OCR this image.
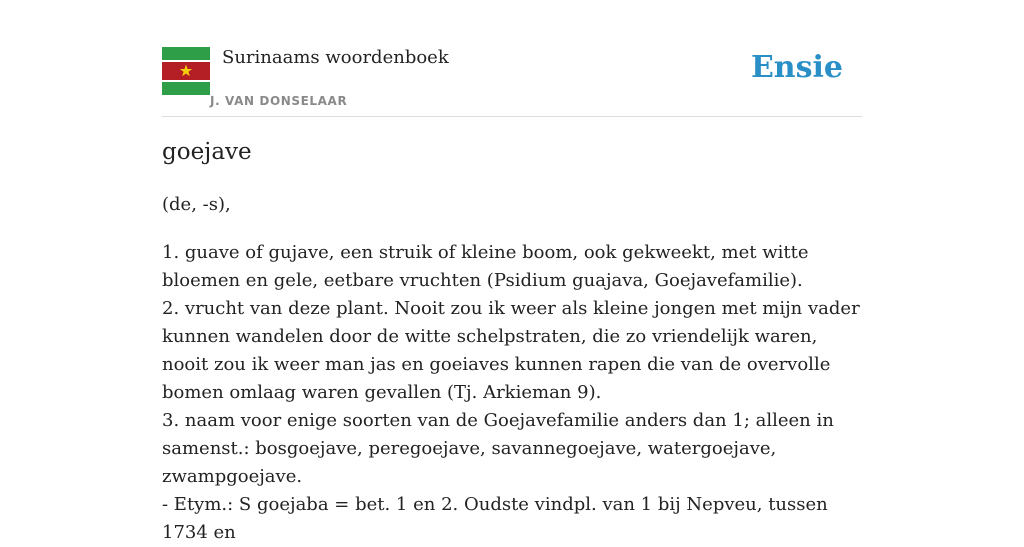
Surinaams woordenboek
J. VAN DONSELAAR
Ensie
goejave

(de, -s),

1. guave of gujave, een struik of kleine boom, ook gekweekt, met witte bloemen en gele, eetbare vruchten (Psidium guajava, Goejavefamilie).

2. vrucht van deze plant. Nooit zou ik weer als kleine jongen met mijn vader kunnen wandelen door de witte schelpstraten, die zo vriendelijk waren, nooit zou ik weer man jas en goeiaves kunnen rapen die van de overvolle bomen omlaag waren gevallen (Tj. Arkieman 9).

3. naam voor enige soorten van de Goejavefamilie anders dan 1; alleen in samenst.: bosgoejave, peregoejave, savannegoejave, watergoejave, zwampgoejave.

- Etym.: S goejaba = bet. 1 en 2. Oudste vindpl. van 1 bij Nepveu, tussen 1734 en
